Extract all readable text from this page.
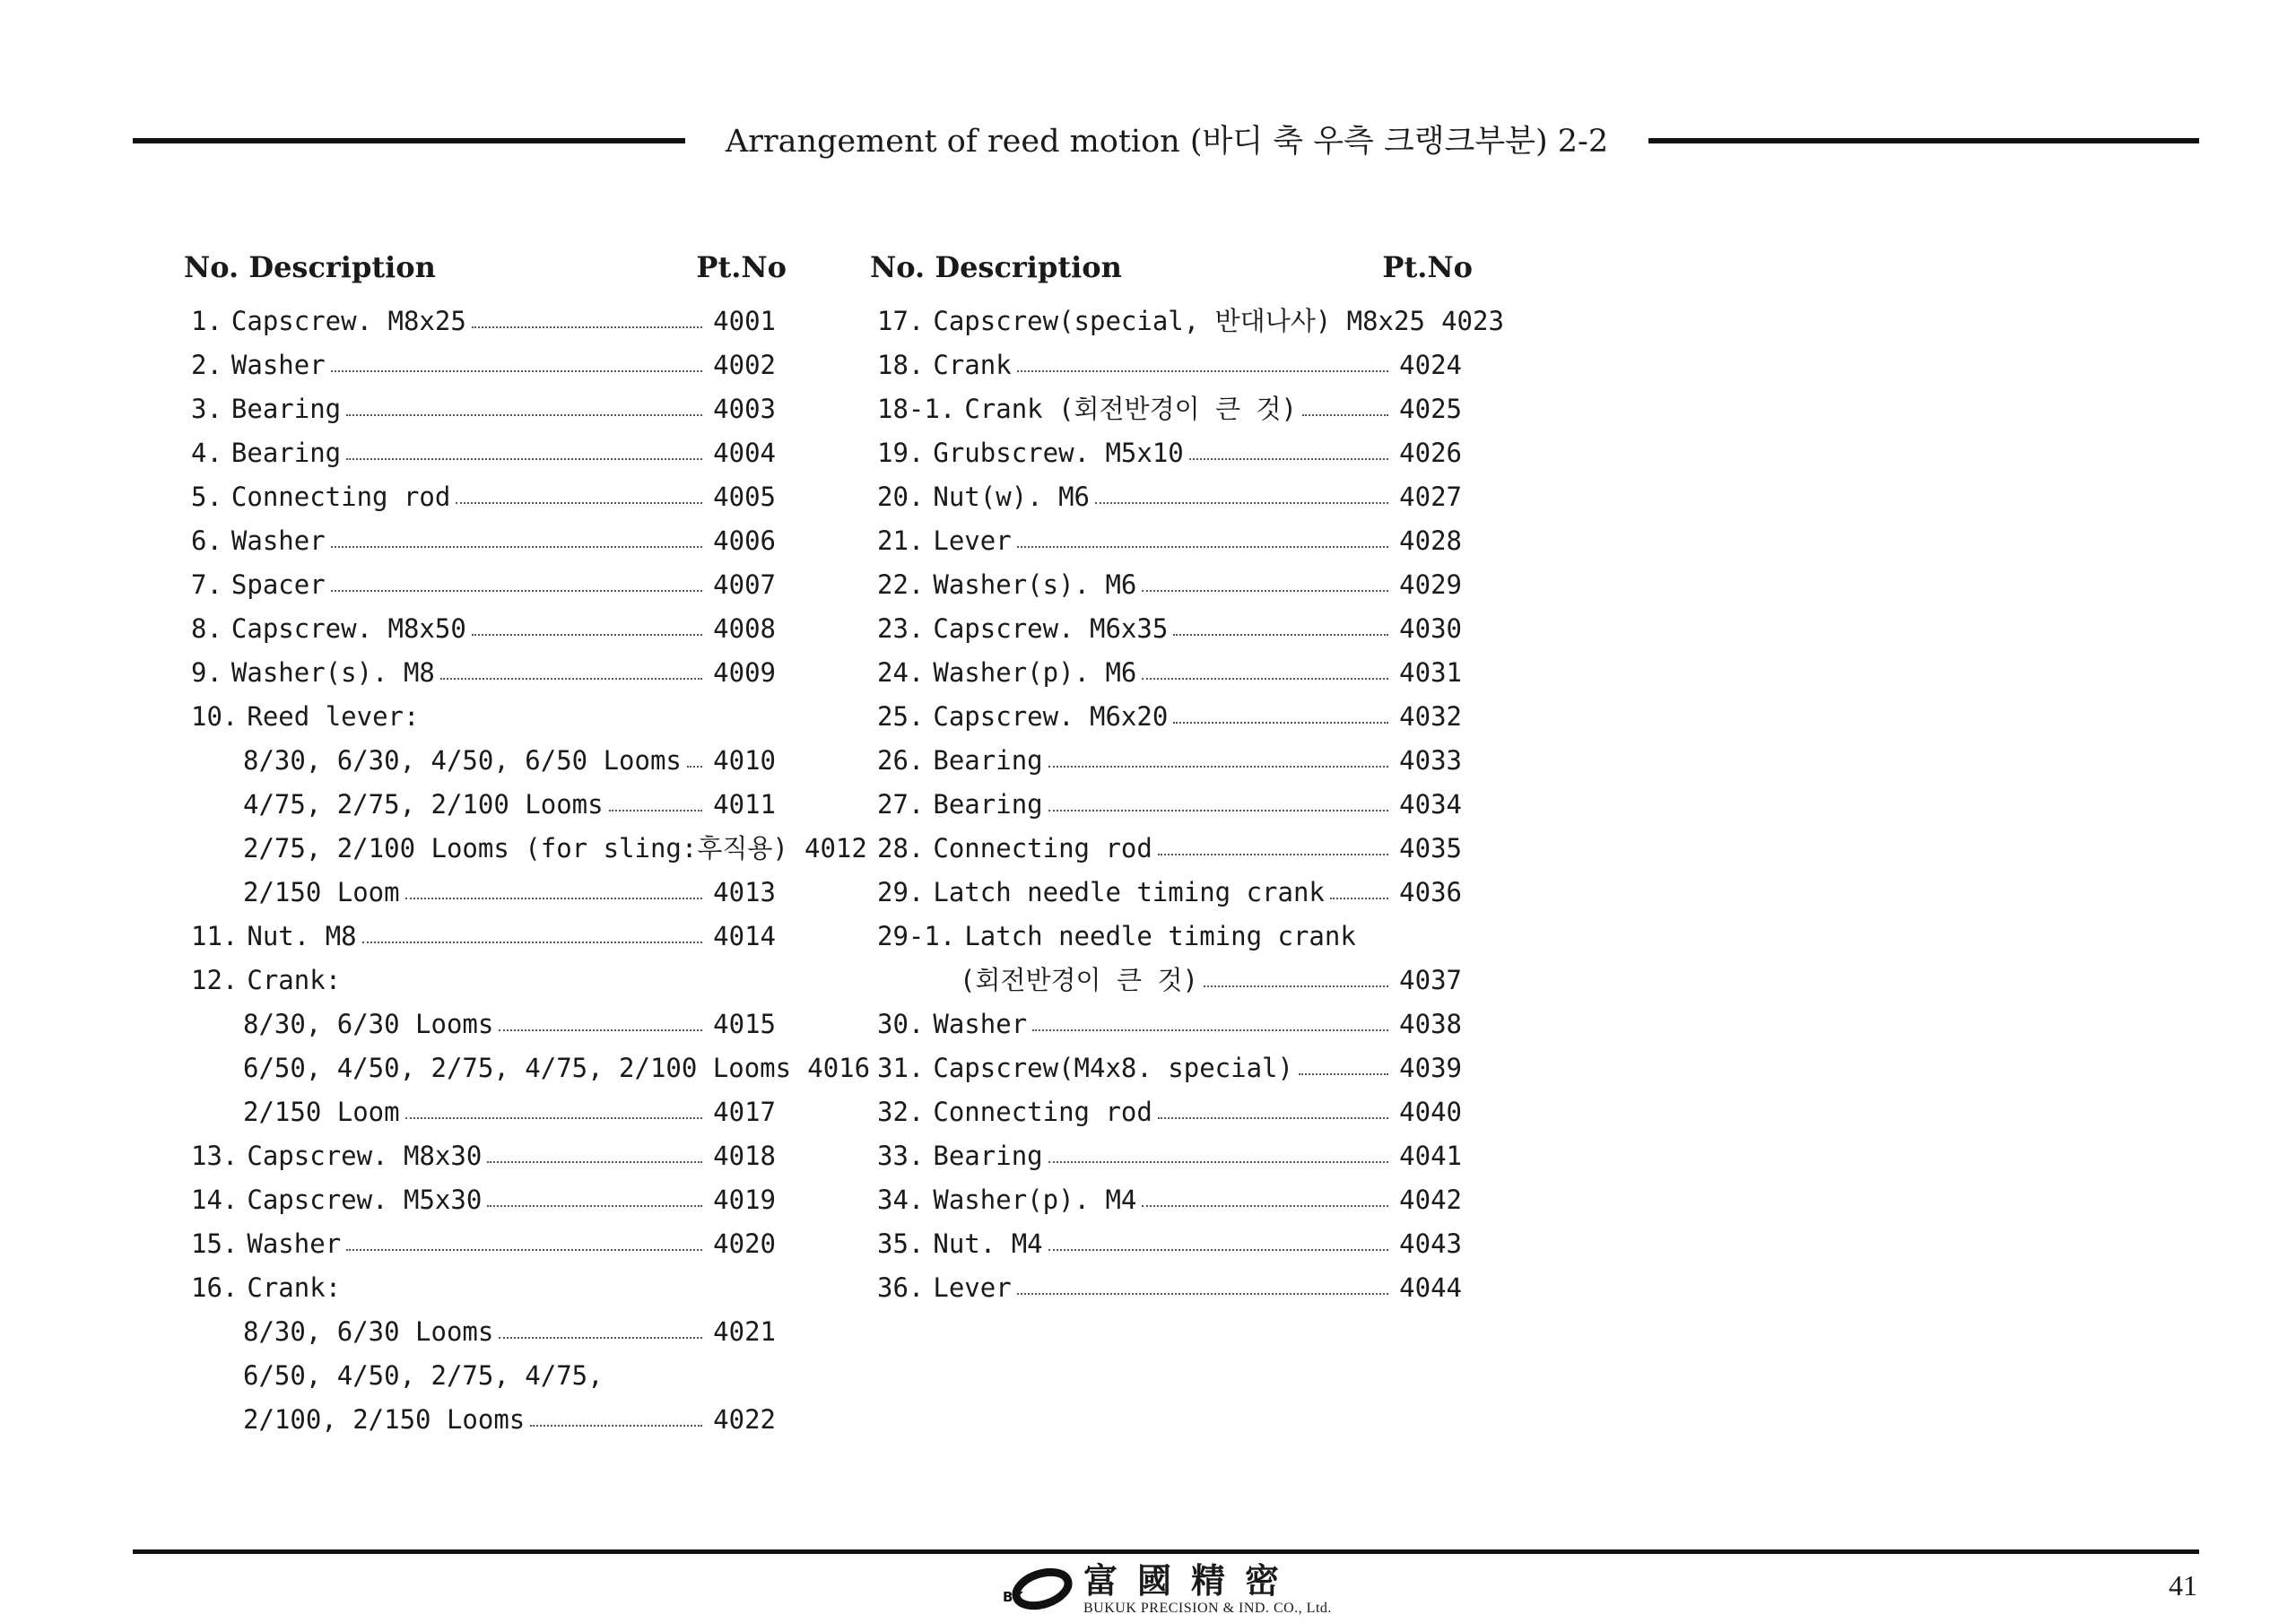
Arrangement of reed motion (바디 축 우측 크랭크부분) 2-2
No. Description	Pt.No
1. Capscrew. M8x25	4001
2. Washer	4002
3. Bearing	4003
4. Bearing	4004
5. Connecting rod	4005
6. Washer	4006
7. Spacer	4007
8. Capscrew. M8x50	4008
9. Washer(s). M8	4009
10. Reed lever:
8/30, 6/30, 4/50, 6/50 Looms 4010
4/75, 2/75, 2/100 Looms	4011
2/75, 2/100 Looms (for sling:후직용) 4012
2/150 Loom	4013
11. Nut. M8	4014
12. Crank:
8/30, 6/30 Looms	4015
6/50, 4/50, 2/75, 4/75, 2/100 Looms 4016
2/150 Loom	4017
13. Capscrew. M8x30	4018
14. Capscrew. M5x30	4019
15. Washer	4020
16. Crank:
8/30, 6/30 Looms	4021
6/50, 4/50, 2/75, 4/75,
2/100, 2/150 Looms	4022
No. Description	Pt.No
17. Capscrew(special, 반대나사) M8x25 4023
18. Crank	4024
18-1. Crank (회전반경이 큰 것)	4025
19. Grubscrew. M5x10	4026
20. Nut(w). M6	4027
21. Lever	4028
22. Washer(s). M6	4029
23. Capscrew. M6x35	4030
24. Washer(p). M6	4031
25. Capscrew. M6x20	4032
26. Bearing	4033
27. Bearing	4034
28. Connecting rod	4035
29. Latch needle timing crank	4036
29-1. Latch needle timing crank
(회전반경이 큰 것)	4037
30. Washer	4038
31. Capscrew(M4x8. special)	4039
32. Connecting rod	4040
33. Bearing	4041
34. Washer(p). M4	4042
35. Nut. M4	4043
36. Lever	4044
BK 富國精密
BUKUK PRECISION & IND. CO., Ltd.
41
